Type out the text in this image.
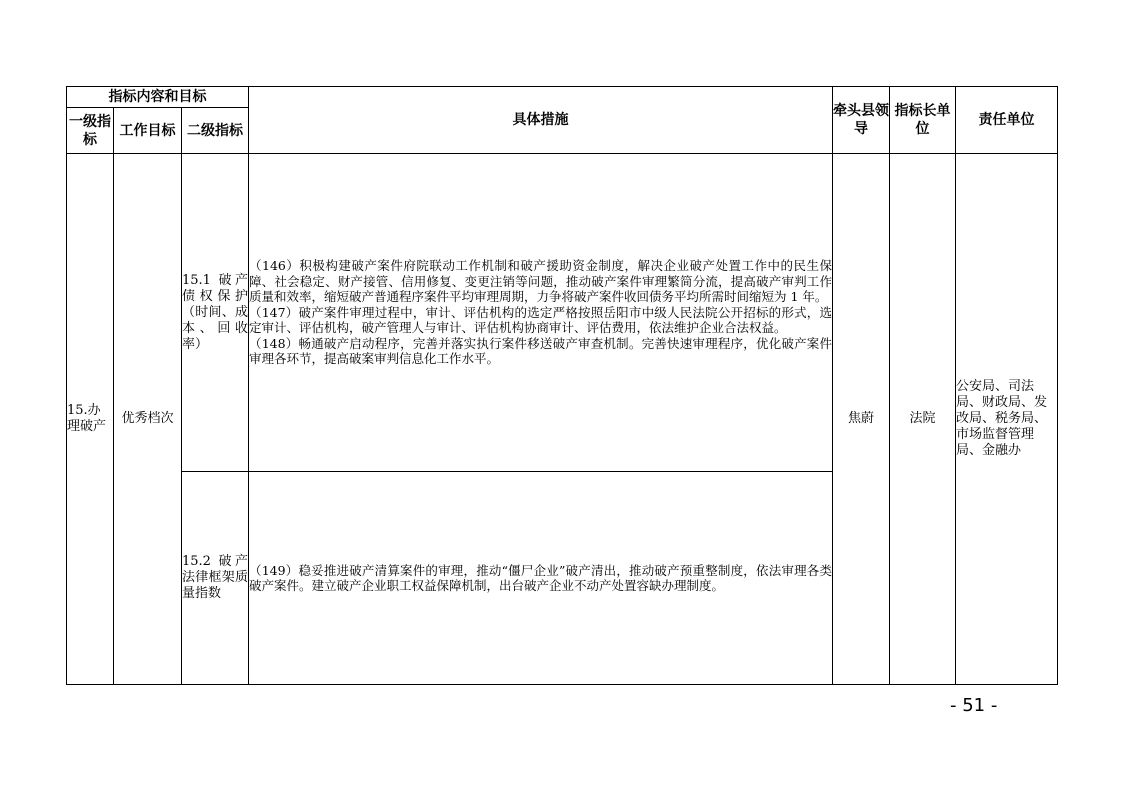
指标内容和目标			具体措施	牵头县领导	指标长单位	责任单位
一级指标	工作目标	二级指标				
15.办理破产	优秀档次	15.1 破产债权保护（时间、成本、回收率）	（146）积极构建破产案件府院联动工作机制和破产援助资金制度，解决企业破产处置工作中的民生保障、社会稳定、财产接管、信用修复、变更注销等问题，推动破产案件审理繁简分流，提高破产审判工作质量和效率，缩短破产普通程序案件平均审理周期，力争将破产案件收回债务平均所需时间缩短为 1 年。

（147）破产案件审理过程中，审计、评估机构的选定严格按照岳阳市中级人民法院公开招标的形式，选定审计、评估机构，破产管理人与审计、评估机构协商审计、评估费用，依法维护企业合法权益。

（148）畅通破产启动程序，完善并落实执行案件移送破产审查机制。完善快速审理程序，优化破产案件审理各环节，提高破案审判信息化工作水平。	焦蔚	法院	公安局、司法局、财政局、发改局、税务局、市场监督管理局、金融办
		15.2 破产法律框架质量指数	（149）稳妥推进破产清算案件的审理，推动“僵尸企业”破产清出，推动破产预重整制度，依法审理各类破产案件。建立破产企业职工权益保障机制，出台破产企业不动产处置容缺办理制度。			

- 51 -
